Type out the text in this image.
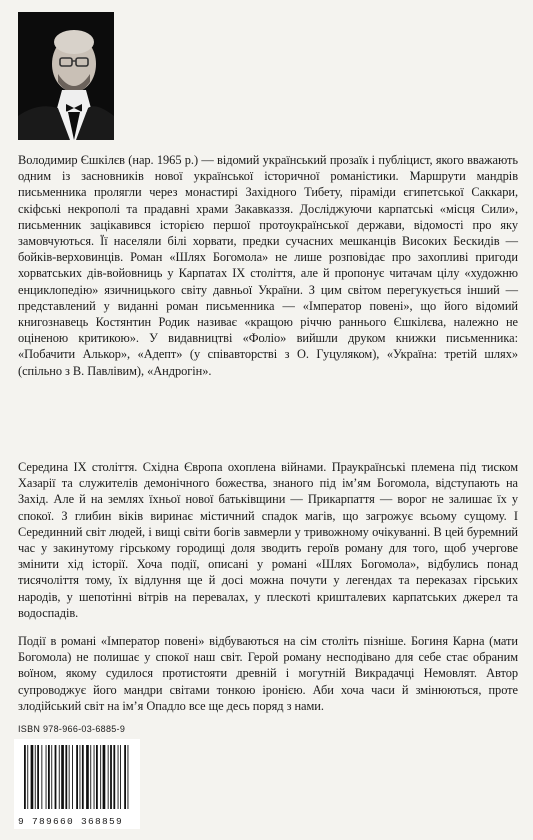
Володимир Єшкілєв (нар. 1965 р.) — відомий український прозаїк і публіцист, якого вважають одним із засновників нової української історичної романістики. Маршрути мандрів письменника пролягли через монастирі Західного Тибету, піраміди єгипетської Саккари, скіфські некрополі та прадавні храми Закавказзя. Досліджуючи карпатські «місця Сили», письменник зацікавився історією першої протоукраїнської держави, відомості про яку замовчуються. Її населяли білі хорвати, предки сучасних мешканців Високих Бескидів — бойків-верховинців. Роман «Шлях Богомола» не лише розповідає про захопливі пригоди хорватських дів-войовниць у Карпатах IX століття, але й пропонує читачам цілу «художню енциклопедію» язичницького світу давньої України. З цим світом перегукується інший — представлений у виданні роман письменника — «Імператор повені», що його відомий книгознавець Костянтин Родик називає «кращою річчю раннього Єшкілєва, належно не оціненою критикою». У видавництві «Фоліо» вийшли друком книжки письменника: «Побачити Алькор», «Адепт» (у співавторстві з О. Гуцуляком), «Україна: третій шлях» (спільно з В. Павлівим), «Андрогін».

Середина IX століття. Східна Європа охоплена війнами. Праукраїнські племена під тиском Хазарії та служителів демонічного божества, знаного під ім’ям Богомола, відступають на Захід. Але й на землях їхньої нової батьківщини — Прикарпаття — ворог не залишає їх у спокої. З глибин віків виринає містичний спадок магів, що загрожує всьому сущому. І Серединний світ людей, і вищі світи богів завмерли у тривожному очікуванні. В цей буремний час у закинутому гірському городищі доля зводить героїв роману для того, щоб учергове змінити хід історії. Хоча події, описані у романі «Шлях Богомола», відбулись понад тисячоліття тому, їх відлуння ще й досі можна почути у легендах та переказах гірських народів, у шепотінні вітрів на перевалах, у плескоті кришталевих карпатських джерел та водоспадів.

Події в романі «Імператор повені» відбуваються на сім століть пізніше. Богиня Карна (мати Богомола) не полишає у спокої наш світ. Герой роману несподівано для себе стає обраним воїном, якому судилося протистояти древній і могутній Викрадачці Немовлят. Автор супроводжує його мандри світами тонкою іронією. Аби хоча часи й змінюються, проте злодійський світ на ім’я Опадло все ще десь поряд з нами.

ISBN 978-966-03-6885-9
9 789660 368859
